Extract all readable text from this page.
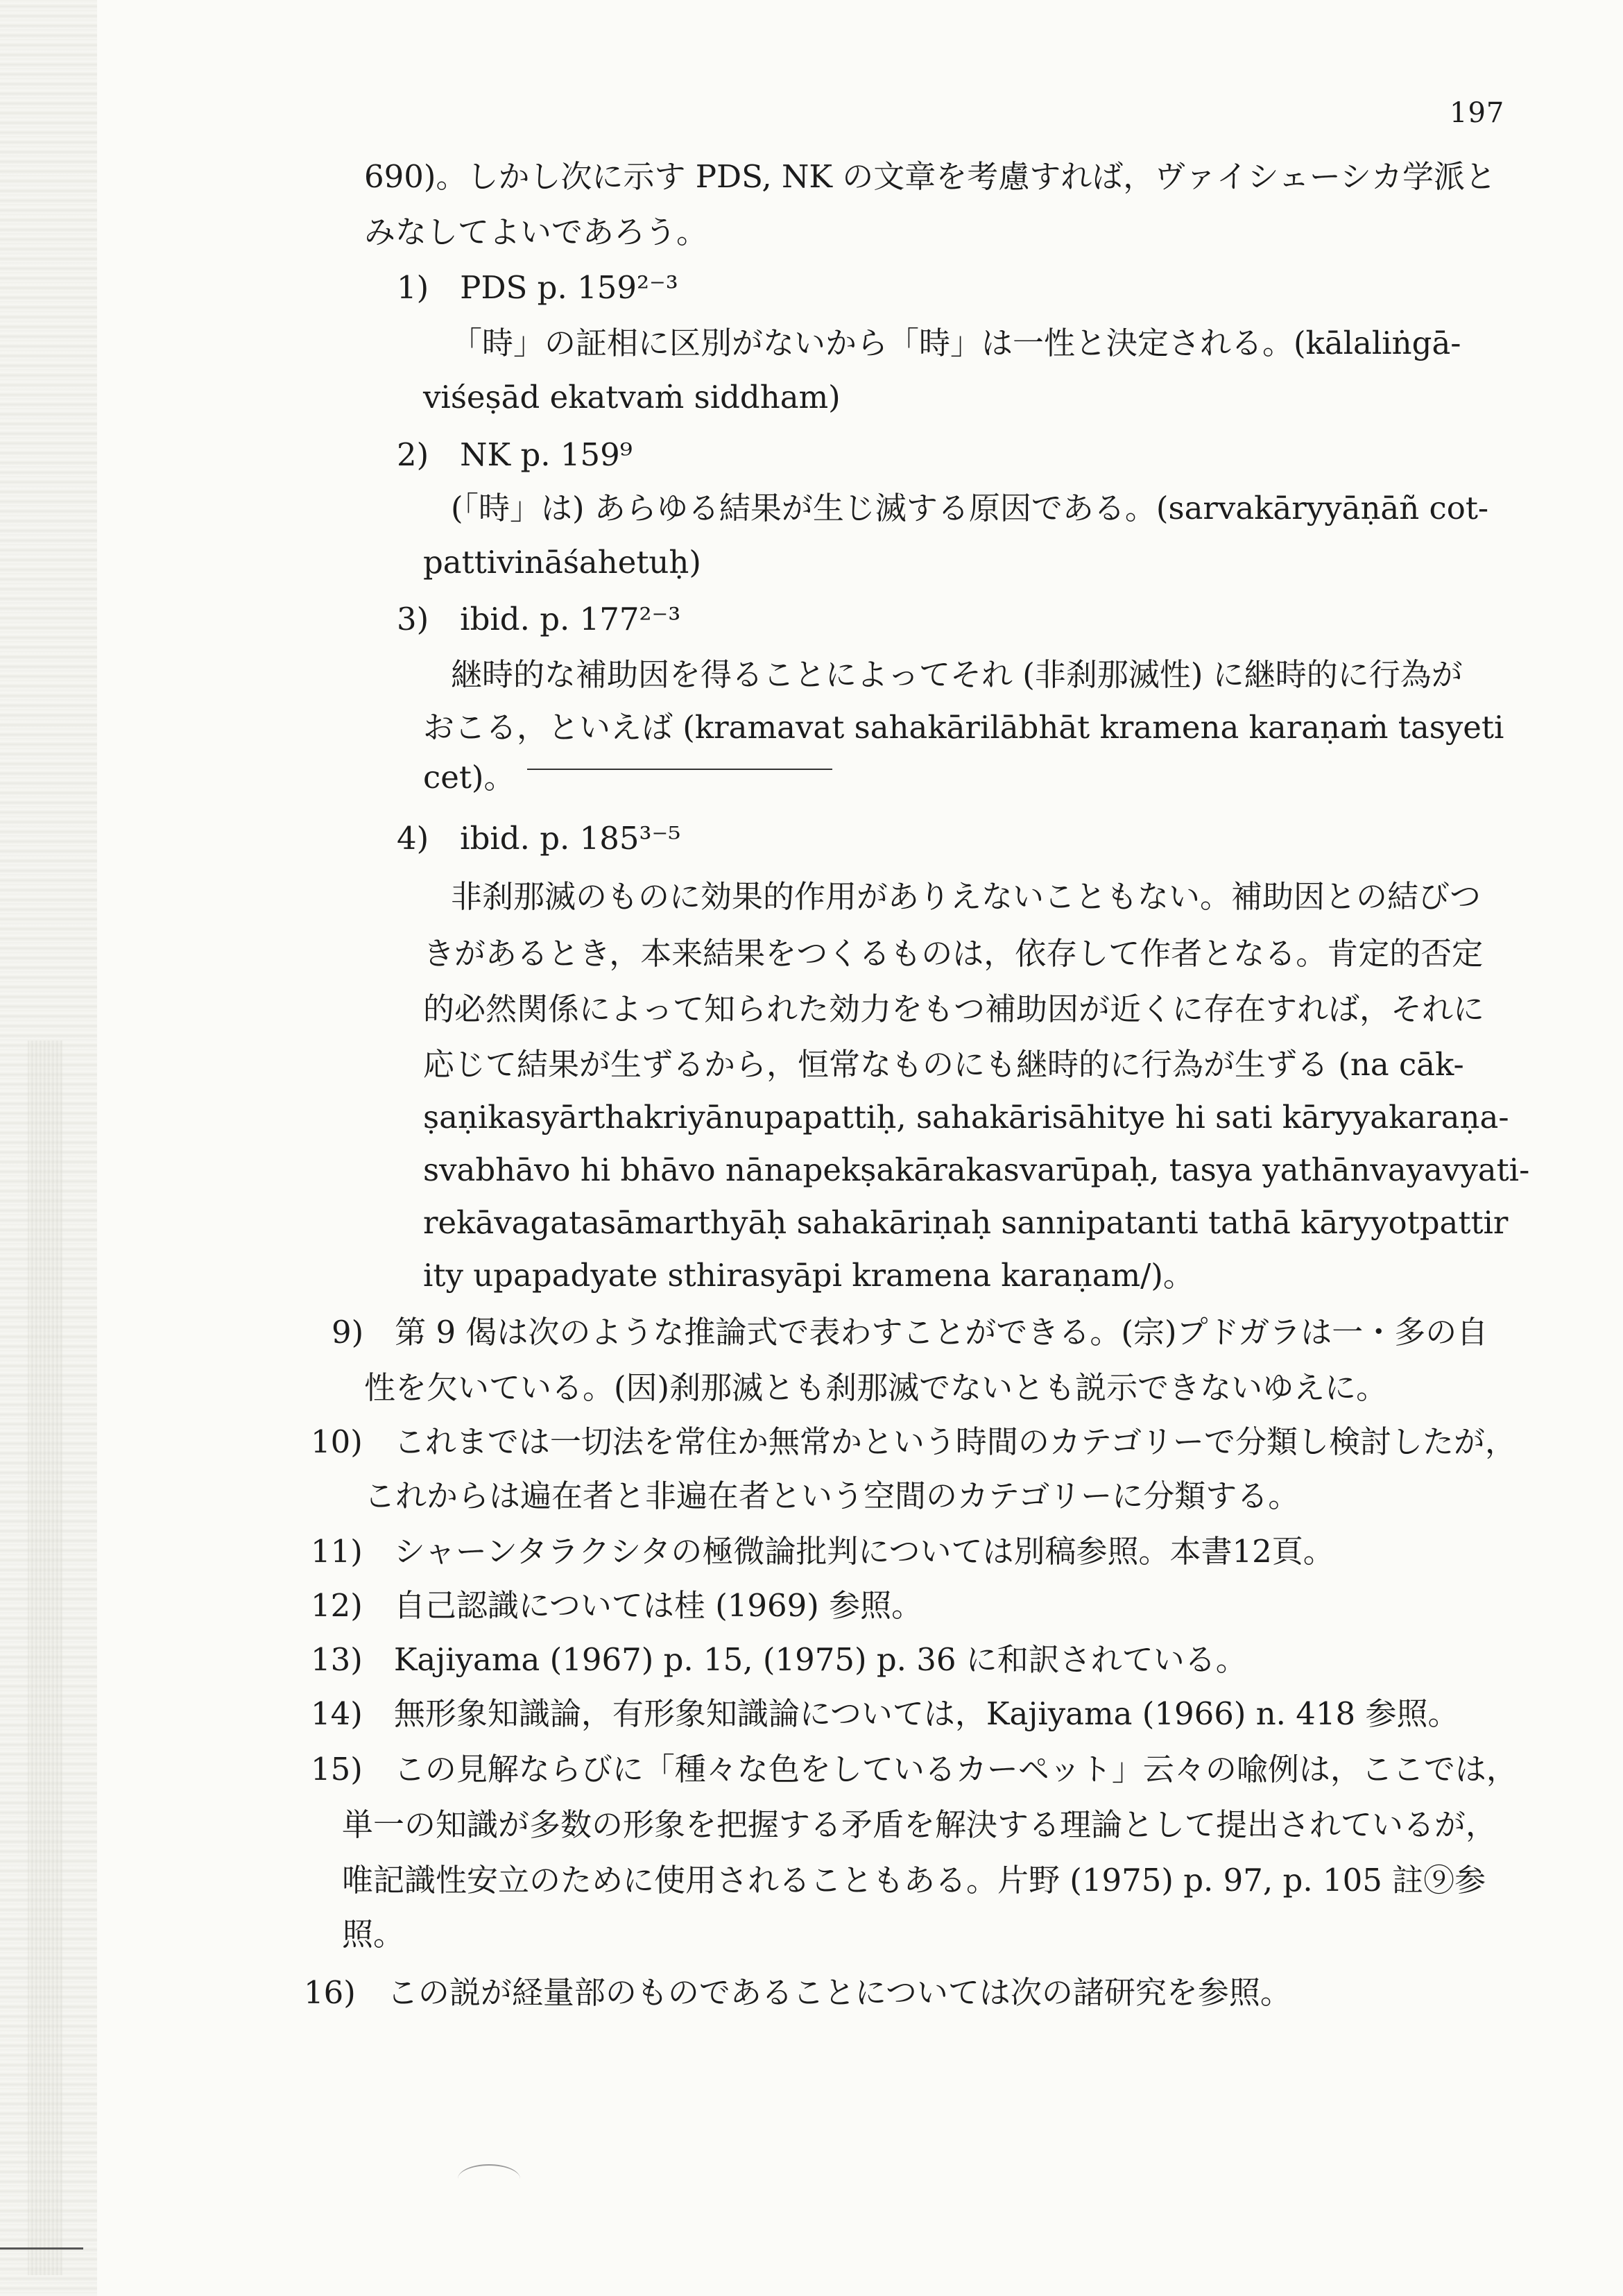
197
690)。しかし次に示す PDS, NK の文章を考慮すれば，ヴァイシェーシカ学派と
みなしてよいであろう。
1)　PDS p. 159²⁻³
「時」の証相に区別がないから「時」は一性と決定される。(kālaliṅgā-
viśeṣād ekatvaṁ siddham)
2)　NK p. 159⁹
(「時」は) あらゆる結果が生じ滅する原因である。(sarvakāryyāṇāñ cot-
pattivināśahetuḥ)
3)　ibid. p. 177²⁻³
継時的な補助因を得ることによってそれ (非刹那滅性) に継時的に行為が
おこる，といえば (kramavat sahakārilābhāt kramena karaṇaṁ tasyeti
cet)。
4)　ibid. p. 185³⁻⁵
非刹那滅のものに効果的作用がありえないこともない。補助因との結びつ
きがあるとき，本来結果をつくるものは，依存して作者となる。肯定的否定
的必然関係によって知られた効力をもつ補助因が近くに存在すれば，それに
応じて結果が生ずるから，恒常なものにも継時的に行為が生ずる (na cāk-
ṣaṇikasyārthakriyānupapattiḥ, sahakārisāhitye hi sati kāryyakaraṇa-
svabhāvo hi bhāvo nānapekṣakārakasvarūpaḥ, tasya yathānvayavyati-
rekāvagatasāmarthyāḥ sahakāriṇaḥ sannipatanti tathā kāryyotpattir
ity upapadyate sthirasyāpi kramena karaṇam/)。
9)　第 9 偈は次のような推論式で表わすことができる。(宗)プドガラは一・多の自
性を欠いている。(因)刹那滅とも刹那滅でないとも説示できないゆえに。
10)　これまでは一切法を常住か無常かという時間のカテゴリーで分類し検討したが，
これからは遍在者と非遍在者という空間のカテゴリーに分類する。
11)　シャーンタラクシタの極微論批判については別稿参照。本書12頁。
12)　自己認識については桂 (1969) 参照。
13)　Kajiyama (1967) p. 15, (1975) p. 36 に和訳されている。
14)　無形象知識論，有形象知識論については，Kajiyama (1966) n. 418 参照。
15)　この見解ならびに「種々な色をしているカーペット」云々の喩例は，ここでは，
単一の知識が多数の形象を把握する矛盾を解決する理論として提出されているが，
唯記識性安立のために使用されることもある。片野 (1975) p. 97, p. 105 註⑨参
照。
16)　この説が経量部のものであることについては次の諸研究を参照。
